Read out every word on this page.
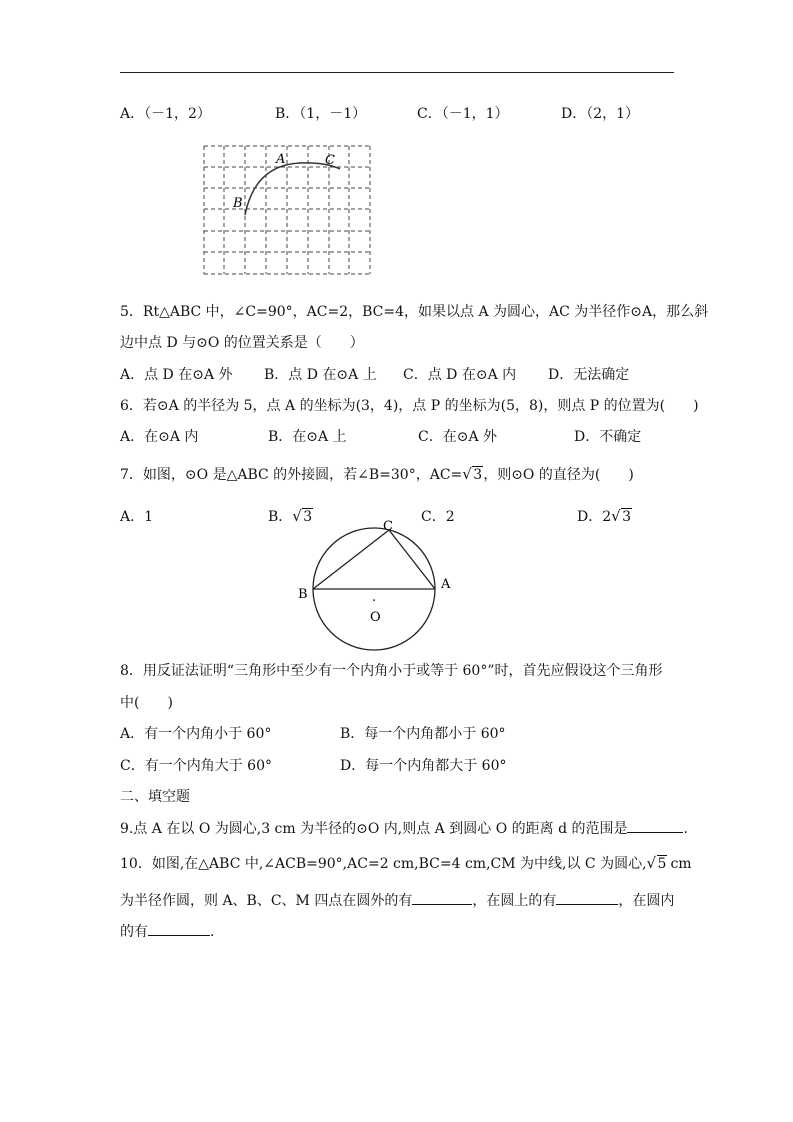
A．（－1，2）	B．（1，－1）	C．（－1，1）	D．（2，1）
A	C
B
5．Rt△ABC 中，∠C=90°，AC=2，BC=4，如果以点 A 为圆心，AC 为半径作⊙A，那么斜
边中点 D 与⊙O 的位置关系是（　　）
A．点 D 在⊙A 外 B．点 D 在⊙A 上 C．点 D 在⊙A 内 D．无法确定
6．若⊙A 的半径为 5，点 A 的坐标为(3，4)，点 P 的坐标为(5，8)，则点 P 的位置为(　　)
A．在⊙A 内	B．在⊙A 上	C．在⊙A 外	D．不确定
7．如图，⊙O 是△ABC 的外接圆，若∠B=30°，AC= √ 3，则⊙O 的直径为(　　)
A．1	B． √ 3	C．2	D．2 √ 3
C
B
A
.
O
8．用反证法证明“三角形中至少有一个内角小于或等于 60°”时，首先应假设这个三角形
中(　　)
A．有一个内角小于 60°	B．每一个内角都小于 60°
C．有一个内角大于 60°	D．每一个内角都大于 60°
二、填空题
9.点 A 在以 O 为圆心,3 cm 为半径的⊙O 内,则点 A 到圆心 O 的距离 d 的范围是	.
10．如图,在△ABC 中,∠ACB=90°,AC=2 cm,BC=4 cm,CM 为中线,以 C 为圆心, √ 5 cm
为半径作圆，则 A、B、C、M 四点在圆外的有	，在圆上的有	，在圆内
的有	.
